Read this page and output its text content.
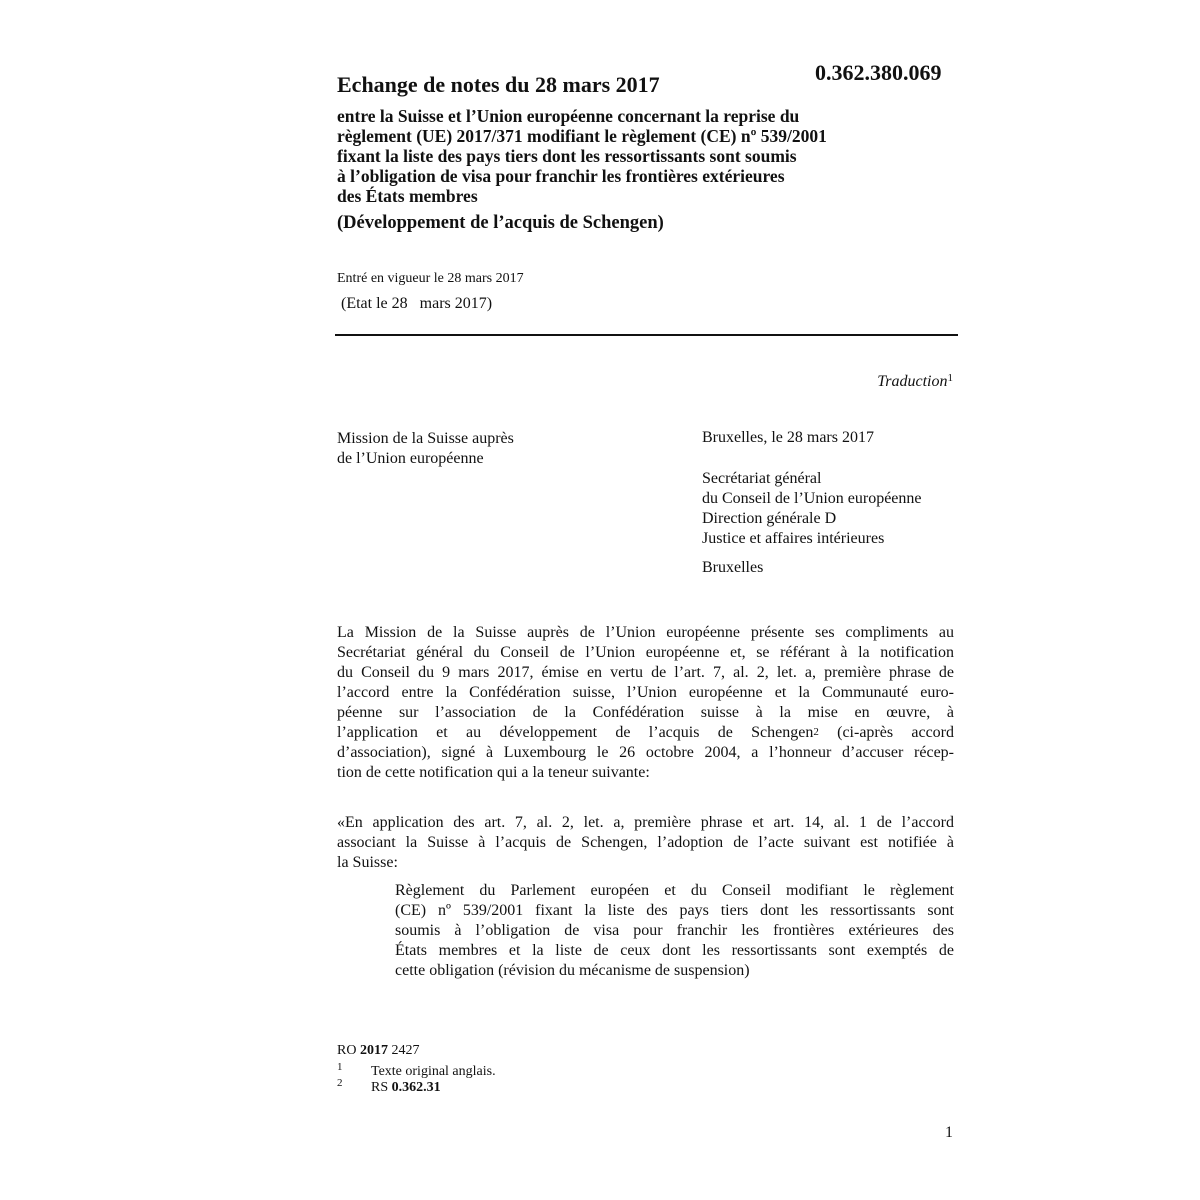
0.362.380.069
Echange de notes du 28 mars 2017
entre la Suisse et l’Union européenne concernant la reprise du
règlement (UE) 2017/371 modifiant le règlement (CE) nº 539/2001
fixant la liste des pays tiers dont les ressortissants sont soumis
à l’obligation de visa pour franchir les frontières extérieures
des États membres
(Développement de l’acquis de Schengen)
Entré en vigueur le 28 mars 2017
(Etat le 28   mars 2017)
Traduction$^1$
Mission de la Suisse auprès
de l’Union européenne
Bruxelles, le 28 mars 2017
Secrétariat général
du Conseil de l’Union européenne
Direction générale D
Justice et affaires intérieures
Bruxelles
La Mission de la Suisse auprès de l’Union européenne présente ses compliments au
Secrétariat général du Conseil de l’Union européenne et, se référant à la notification
du Conseil du 9 mars 2017, émise en vertu de l’art. 7, al. 2, let. a, première phrase de
l’accord entre la Confédération suisse, l’Union européenne et la Communauté euro-
péenne sur l’association de la Confédération suisse à la mise en œuvre, à
l’application et au développement de l’acquis de Schengen$^2$ (ci-après accord
d’association), signé à Luxembourg le 26 octobre 2004, a l’honneur d’accuser récep-
tion de cette notification qui a la teneur suivante:
«En application des art. 7, al. 2, let. a, première phrase et art. 14, al. 1 de l’accord
associant la Suisse à l’acquis de Schengen, l’adoption de l’acte suivant est notifiée à
la Suisse:
Règlement du Parlement européen et du Conseil modifiant le règlement
(CE) nº 539/2001 fixant la liste des pays tiers dont les ressortissants sont
soumis à l’obligation de visa pour franchir les frontières extérieures des
États membres et la liste de ceux dont les ressortissants sont exemptés de
cette obligation (révision du mécanisme de suspension)
RO 2017 2427
1 Texte original anglais.
2 RS 0.362.31
1
